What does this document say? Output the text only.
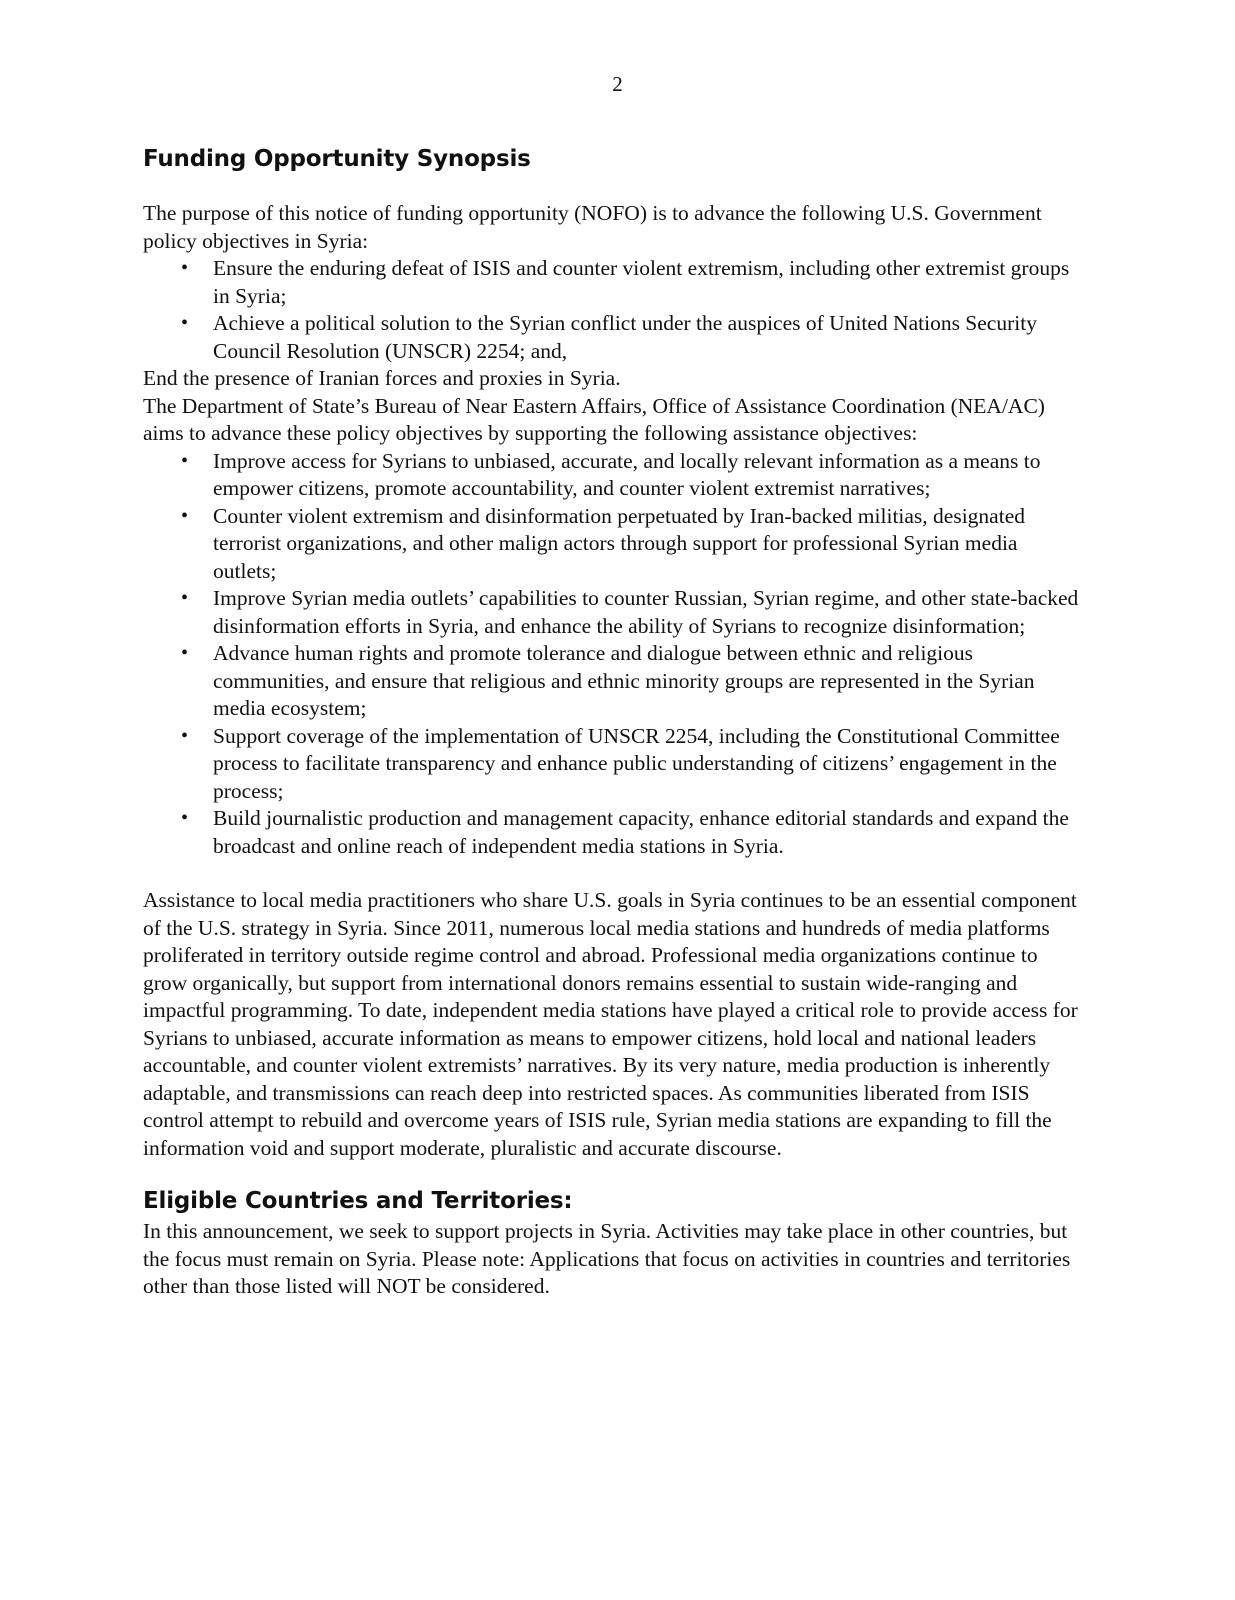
2
Funding Opportunity Synopsis

The purpose of this notice of funding opportunity (NOFO) is to advance the following U.S. Government policy objectives in Syria:

• Ensure the enduring defeat of ISIS and counter violent extremism, including other extremist groups in Syria;
• Achieve a political solution to the Syrian conflict under the auspices of United Nations Security Council Resolution (UNSCR) 2254; and,

End the presence of Iranian forces and proxies in Syria.

The Department of State’s Bureau of Near Eastern Affairs, Office of Assistance Coordination (NEA/AC) aims to advance these policy objectives by supporting the following assistance objectives:

• Improve access for Syrians to unbiased, accurate, and locally relevant information as a means to empower citizens, promote accountability, and counter violent extremist narratives;
• Counter violent extremism and disinformation perpetuated by Iran-backed militias, designated terrorist organizations, and other malign actors through support for professional Syrian media outlets;
• Improve Syrian media outlets’ capabilities to counter Russian, Syrian regime, and other state-backed disinformation efforts in Syria, and enhance the ability of Syrians to recognize disinformation;
• Advance human rights and promote tolerance and dialogue between ethnic and religious communities, and ensure that religious and ethnic minority groups are represented in the Syrian media ecosystem;
• Support coverage of the implementation of UNSCR 2254, including the Constitutional Committee process to facilitate transparency and enhance public understanding of citizens’ engagement in the process;
• Build journalistic production and management capacity, enhance editorial standards and expand the broadcast and online reach of independent media stations in Syria.

Assistance to local media practitioners who share U.S. goals in Syria continues to be an essential component of the U.S. strategy in Syria. Since 2011, numerous local media stations and hundreds of media platforms proliferated in territory outside regime control and abroad. Professional media organizations continue to grow organically, but support from international donors remains essential to sustain wide-ranging and impactful programming. To date, independent media stations have played a critical role to provide access for Syrians to unbiased, accurate information as means to empower citizens, hold local and national leaders accountable, and counter violent extremists’ narratives. By its very nature, media production is inherently adaptable, and transmissions can reach deep into restricted spaces. As communities liberated from ISIS control attempt to rebuild and overcome years of ISIS rule, Syrian media stations are expanding to fill the information void and support moderate, pluralistic and accurate discourse.

Eligible Countries and Territories:

In this announcement, we seek to support projects in Syria. Activities may take place in other countries, but the focus must remain on Syria. Please note: Applications that focus on activities in countries and territories other than those listed will NOT be considered.
